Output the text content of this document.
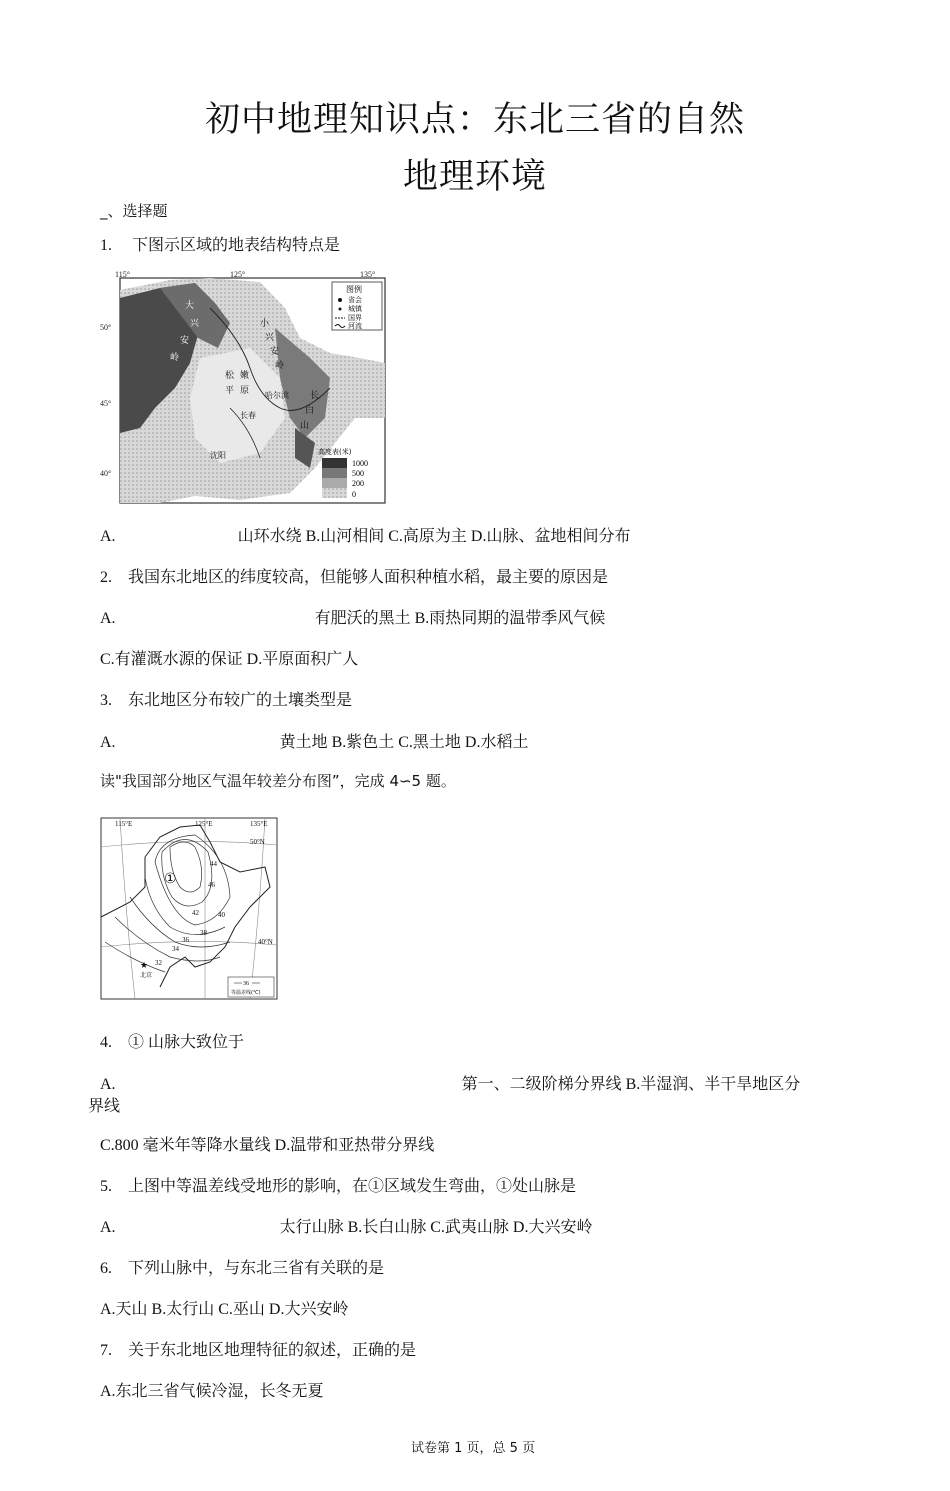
初中地理知识点：东北三省的自然
地理环境
_、选择题
1.　 下图示区域的地表结构特点是
115°	125°	135°
50°
45°
40°
小
兴
安
岭
大
兴
安
岭
哈尔滨
长春
沈阳
长
白
山
松 嫩
平 原
图例
省会
城镇
国界
河流
高度表(米)
1000
500
200
0
A.	山环水绕 B.山河相间 C.高原为主 D.山脉、盆地相间分布
2.　我国东北地区的纬度较高，但能够人面积种植水稻，最主要的原因是
A.	有肥沃的黑土 B.雨热同期的温带季风气候
C.有灌溉水源的保证 D.平原面积广人
3.　东北地区分布较广的土壤类型是
A.	黄土地 B.紫色土 C.黑土地 D.水稻土
读"我国部分地区气温年较差分布图”，完成 4∽5 题。
115°E	125°E	135°E
50°N
40°N
46
44
42	40
38
36
34
32
①
★
北京
36
等温差线(℃)
4.　① 山脉大致位于
A.	第一、二级阶梯分界线 B.半湿润、半干旱地区分
界线
C.800 毫米年等降水量线 D.温带和亚热带分界线
5.　上图中等温差线受地形的影响，在①区域发生弯曲，①处山脉是
A.	太行山脉 B.长白山脉 C.武夷山脉 D.大兴安岭
6.　下列山脉中，与东北三省有关联的是
A.天山 B.太行山 C.巫山 D.大兴安岭
7.　关于东北地区地理特征的叙述，正确的是
A.东北三省气候冷湿，长冬无夏
试卷第 1 页，总 5 页
